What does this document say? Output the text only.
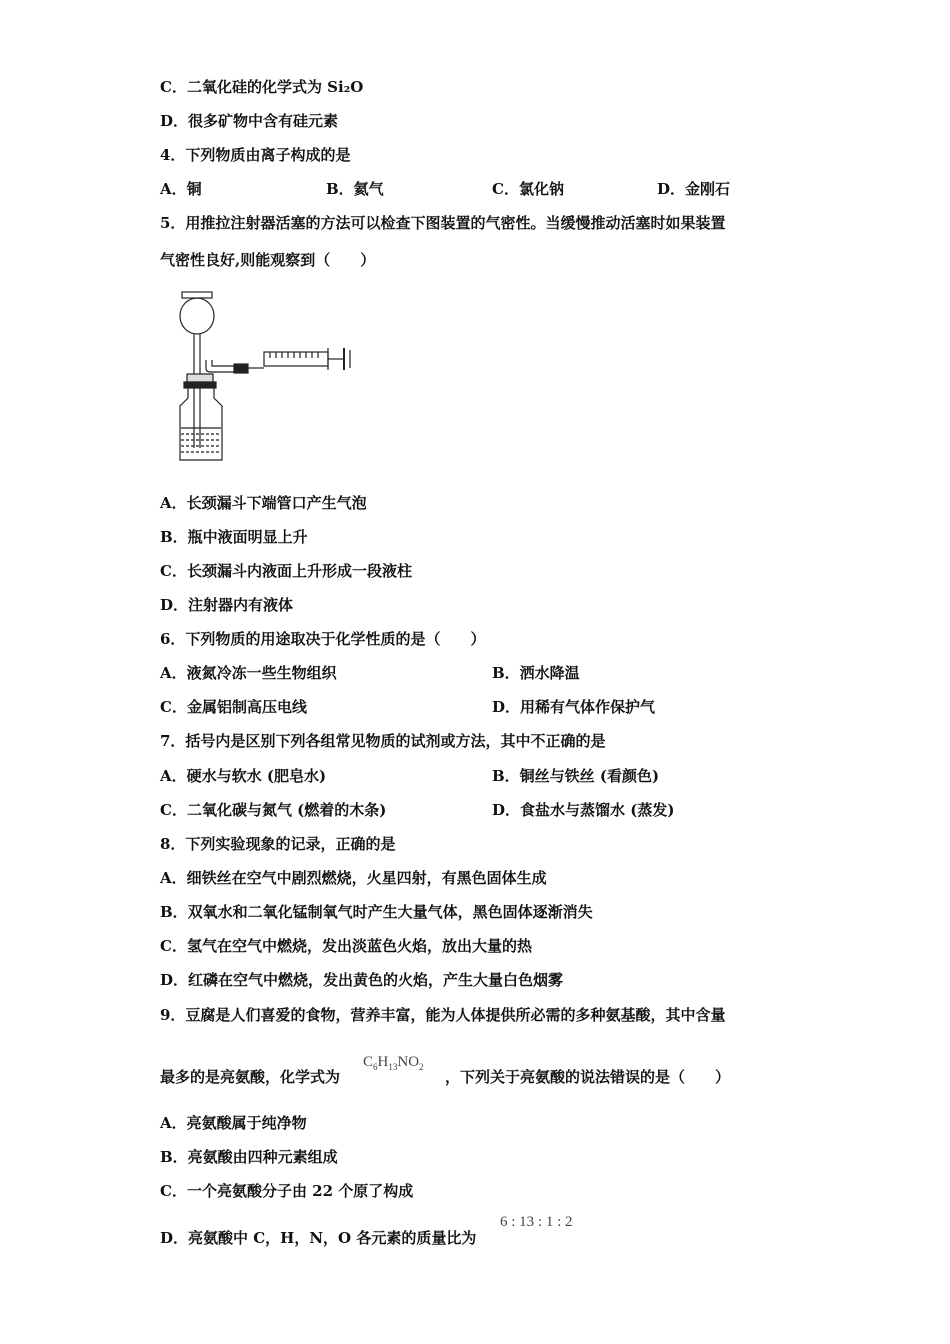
C．二氧化硅的化学式为 Si₂O
D．很多矿物中含有硅元素
4．下列物质由离子构成的是
A．铜	B．氦气	C．氯化钠	D．金刚石
5．用推拉注射器活塞的方法可以检查下图装置的气密性。当缓慢推动活塞时如果装置
气密性良好,则能观察到（　　）
A．长颈漏斗下端管口产生气泡
B．瓶中液面明显上升
C．长颈漏斗内液面上升形成一段液柱
D．注射器内有液体
6．下列物质的用途取决于化学性质的是（　　）
A．液氮冷冻一些生物组织	B．洒水降温
C．金属铝制高压电线	D．用稀有气体作保护气
7．括号内是区别下列各组常见物质的试剂或方法，其中不正确的是
A．硬水与软水 (肥皂水)	B．铜丝与铁丝 (看颜色)
C．二氧化碳与氮气 (燃着的木条)	D．食盐水与蒸馏水 (蒸发)
8．下列实验现象的记录，正确的是
A．细铁丝在空气中剧烈燃烧，火星四射，有黑色固体生成
B．双氧水和二氧化锰制氧气时产生大量气体，黑色固体逐渐消失
C．氢气在空气中燃烧，发出淡蓝色火焰，放出大量的热
D．红磷在空气中燃烧，发出黄色的火焰，产生大量白色烟雾
9．豆腐是人们喜爱的食物，营养丰富，能为人体提供所必需的多种氨基酸，其中含量
最多的是亮氨酸，化学式为
$C_6H_{13}NO_2$
，下列关于亮氨酸的说法错误的是（　　）
A．亮氨酸属于纯净物
B．亮氨酸由四种元素组成
C．一个亮氨酸分子由 22 个原了构成
D．亮氨酸中 C，H，N，O 各元素的质量比为
6 : 13 : 1 : 2
